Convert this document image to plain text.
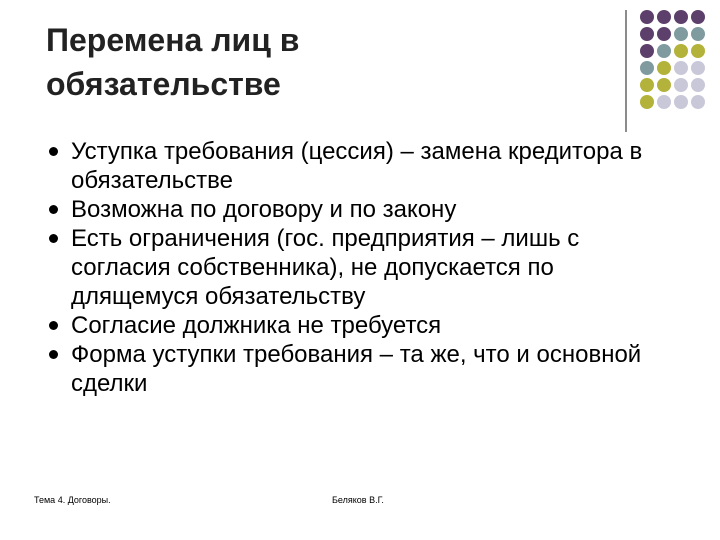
Перемена лиц в
обязательстве
Уступка требования (цессия) – замена кредитора в обязательстве
Возможна по договору и по закону
Есть ограничения (гос. предприятия – лишь с согласия собственника), не допускается по длящемуся обязательству
Согласие должника не требуется
Форма уступки требования – та же, что и основной сделки
Тема 4. Договоры.	Беляков В.Г.
